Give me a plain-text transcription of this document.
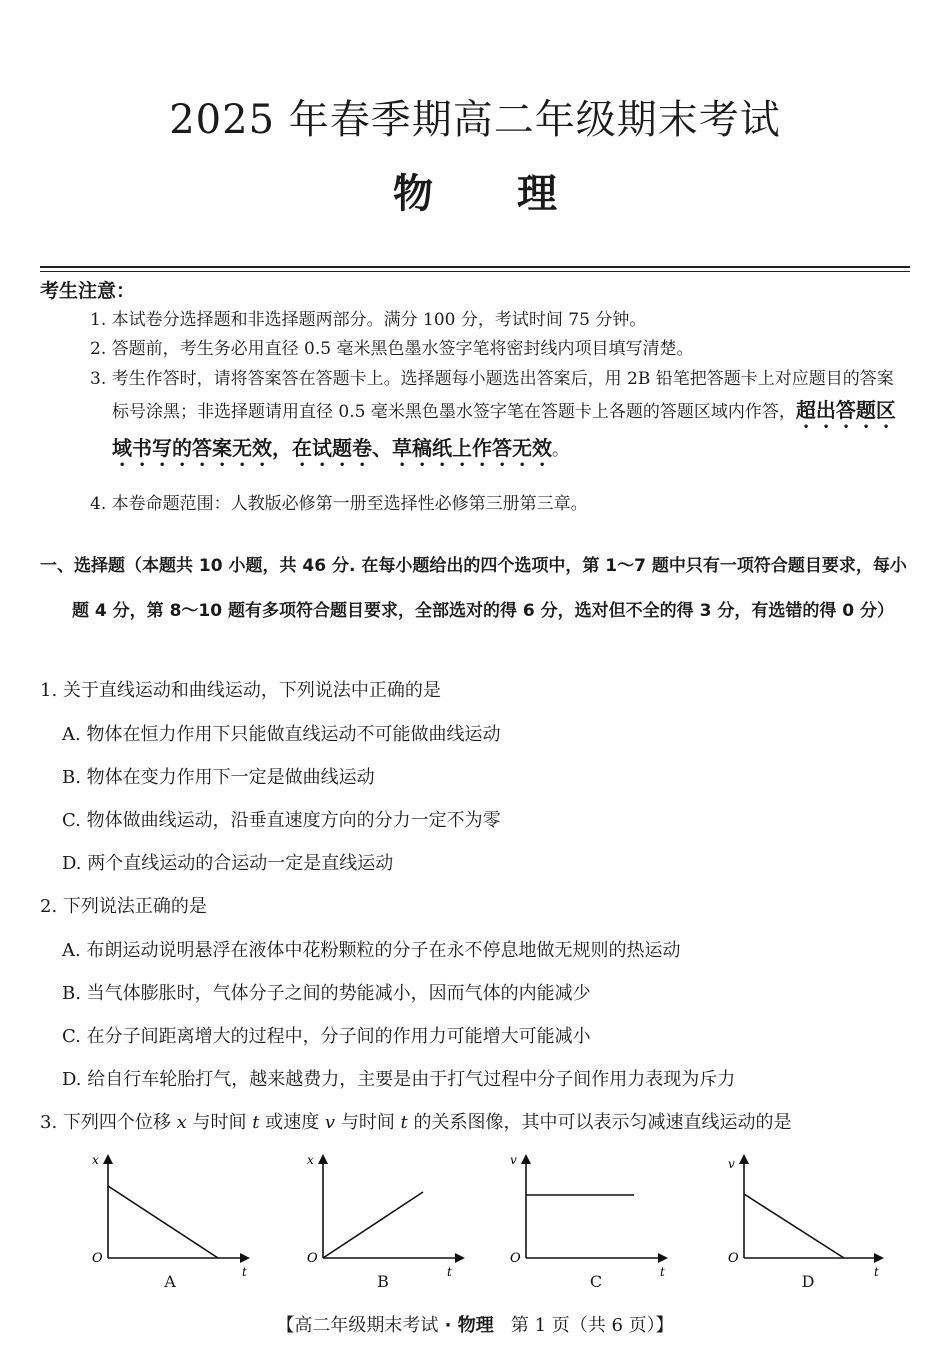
2025 年春季期高二年级期末考试
物 理
考生注意：
1. 本试卷分选择题和非选择题两部分。满分 100 分，考试时间 75 分钟。
2. 答题前，考生务必用直径 0.5 毫米黑色墨水签字笔将密封线内项目填写清楚。
3. 考生作答时，请将答案答在答题卡上。选择题每小题选出答案后，用 2B 铅笔把答题卡上对应题目的答案标号涂黑；非选择题请用直径 0.5 毫米黑色墨水签字笔在答题卡上各题的答题区域内作答，超出答题区域书写的答案无效，在试题卷、草稿纸上作答无效。
4. 本卷命题范围：人教版必修第一册至选择性必修第三册第三章。
一、选择题（本题共 10 小题，共 46 分. 在每小题给出的四个选项中，第 1～7 题中只有一项符合题目要求，每小题 4 分，第 8～10 题有多项符合题目要求，全部选对的得 6 分，选对但不全的得 3 分，有选错的得 0 分）
1. 关于直线运动和曲线运动，下列说法中正确的是
A. 物体在恒力作用下只能做直线运动不可能做曲线运动
B. 物体在变力作用下一定是做曲线运动
C. 物体做曲线运动，沿垂直速度方向的分力一定不为零
D. 两个直线运动的合运动一定是直线运动
2. 下列说法正确的是
A. 布朗运动说明悬浮在液体中花粉颗粒的分子在永不停息地做无规则的热运动
B. 当气体膨胀时，气体分子之间的势能减小，因而气体的内能减少
C. 在分子间距离增大的过程中，分子间的作用力可能增大可能减小
D. 给自行车轮胎打气，越来越费力，主要是由于打气过程中分子间作用力表现为斥力
3. 下列四个位移 x 与时间 t 或速度 v 与时间 t 的关系图像，其中可以表示匀减速直线运动的是
x
O
t
A
x
O
t
B
v
O
t
C
v
O
t
D
【高二年级期末考试 · 物理 第 1 页（共 6 页）】
